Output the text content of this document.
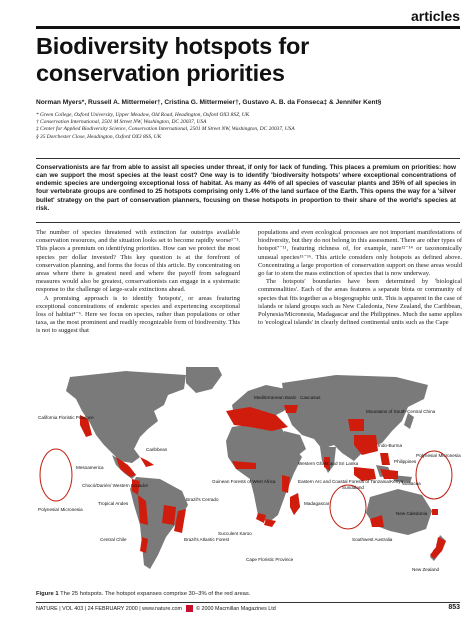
articles
Biodiversity hotspots for conservation priorities
Norman Myers*, Russell A. Mittermeier†, Cristina G. Mittermeier†, Gustavo A. B. da Fonseca‡ & Jennifer Kent§
* Green College, Oxford University, Upper Meadow, Old Road, Headington, Oxford OX3 8SZ, UK
† Conservation International, 2501 M Street NW, Washington, DC 20037, USA
‡ Center for Applied Biodiversity Science, Conservation International, 2501 M Street NW, Washington, DC 20037, USA
§ 35 Dorchester Close, Headington, Oxford OX3 8SS, UK
Conservationists are far from able to assist all species under threat, if only for lack of funding. This places a premium on priorities: how can we support the most species at the least cost? One way is to identify 'biodiversity hotspots' where exceptional concentrations of endemic species are undergoing exceptional loss of habitat. As many as 44% of all species of vascular plants and 35% of all species in four vertebrate groups are confined to 25 hotspots comprising only 1.4% of the land surface of the Earth. This opens the way for a 'silver bullet' strategy on the part of conservation planners, focusing on these hotspots in proportion to their share of the world's species at risk.

The number of species threatened with extinction far outstrips available conservation resources, and the situation looks set to become rapidly worse¹⁻³. This places a premium on identifying priorities. How can we protect the most species per dollar invested? This key question is at the forefront of conservation planning, and forms the focus of this article. By concentrating on areas where there is greatest need and where the payoff from safeguard measures would also be greatest, conservationists can engage in a systematic response to the challenge of large-scale extinctions ahead.

A promising approach is to identify 'hotspots', or areas featuring exceptional concentrations of endemic species and experiencing exceptional loss of habitat⁴⁻⁶. Here we focus on species, rather than populations or other taxa, as the most prominent and readily recognizable form of biodiversity. This is not to suggest that

populations and even ecological processes are not important manifestations of biodiversity, but they do not belong in this assessment. There are other types of hotspot⁷⁻¹¹, featuring richness of, for example, rare¹²⁻¹⁴ or taxonomically unusual species¹⁵⁻¹⁶. This article considers only hotspots as defined above. Concentrating a large proportion of conservation support on these areas would go far to stem the mass extinction of species that is now underway.

The hotspots' boundaries have been determined by 'biological commonalities'. Each of the areas features a separate biota or community of species that fits together as a biogeographic unit. This is apparent in the case of islands or island groups such as New Caledonia, New Zealand, the Caribbean, Polynesia/Micronesia, Madagascar and the Philippines. Much the same applies to 'ecological islands' in clearly defined continental units such as the Cape

California Floristic Province
Mesoamerica
Caribbean
Chocó/Darién/ Western Ecuador
Tropical Andes
Central Chile
Polynesia/ Micronesia
Brazil's Cerrado
Brazil's Atlantic Forest
Mediterranean Basin Caucasus
Guinean Forests of West Africa	Eastern Arc and Coastal Forests of Tanzania/Kenya
Madagascar
Succulent Karoo
Cape Floristic Province
Mountains of South-Central China
Indo-Burma
Western Ghats and Sri Lanka
Sundaland
Philippines
Wallacea
Southwest Australia
New Caledonia
New Zealand
Polynesia/ Micronesia
Figure 1 The 25 hotspots. The hotspot expanses comprise 30–3% of the red areas.
NATURE | VOL 403 | 24 FEBRUARY 2000 | www.nature.com	© 2000 Macmillan Magazines Ltd	853
